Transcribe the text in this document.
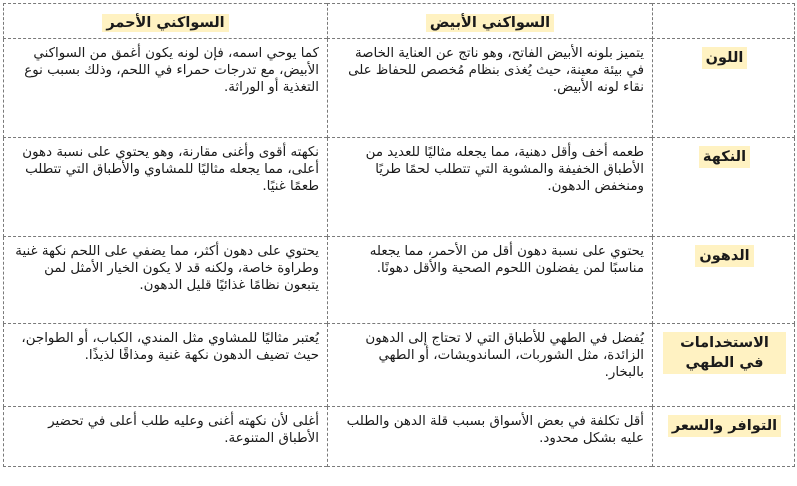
	السواكني الأبيض	السواكني الأحمر
اللون	يتميز بلونه الأبيض الفاتح، وهو ناتج عن العناية الخاصة في بيئة معينة، حيث يُغذى بنظام مُخصص للحفاظ على نقاء لونه الأبيض.	كما يوحي اسمه، فإن لونه يكون أغمق من السواكني الأبيض، مع تدرجات حمراء في اللحم، وذلك بسبب نوع التغذية أو الوراثة.
النكهة	طعمه أخف وأقل دهنية، مما يجعله مثاليًا للعديد من الأطباق الخفيفة والمشوية التي تتطلب لحمًا طريًا ومنخفض الدهون.	نكهته أقوى وأغنى مقارنة، وهو يحتوي على نسبة دهون أعلى، مما يجعله مثاليًا للمشاوي والأطباق التي تتطلب طعمًا غنيًا.
الدهون	يحتوي على نسبة دهون أقل من الأحمر، مما يجعله مناسبًا لمن يفضلون اللحوم الصحية والأقل دهونًا.	يحتوي على دهون أكثر، مما يضفي على اللحم نكهة غنية وطراوة خاصة، ولكنه قد لا يكون الخيار الأمثل لمن يتبعون نظامًا غذائيًا قليل الدهون.
الاستخدامات في الطهي	يُفضل في الطهي للأطباق التي لا تحتاج إلى الدهون الزائدة، مثل الشوربات، الساندويشات، أو الطهي بالبخار.	يُعتبر مثاليًا للمشاوي مثل المندي، الكباب، أو الطواجن، حيث تضيف الدهون نكهة غنية ومذاقًا لذيذًا.
التوافر والسعر	أقل تكلفة في بعض الأسواق بسبب قلة الدهن والطلب عليه بشكل محدود.	أغلى لأن نكهته أغنى وعليه طلب أعلى في تحضير الأطباق المتنوعة.
